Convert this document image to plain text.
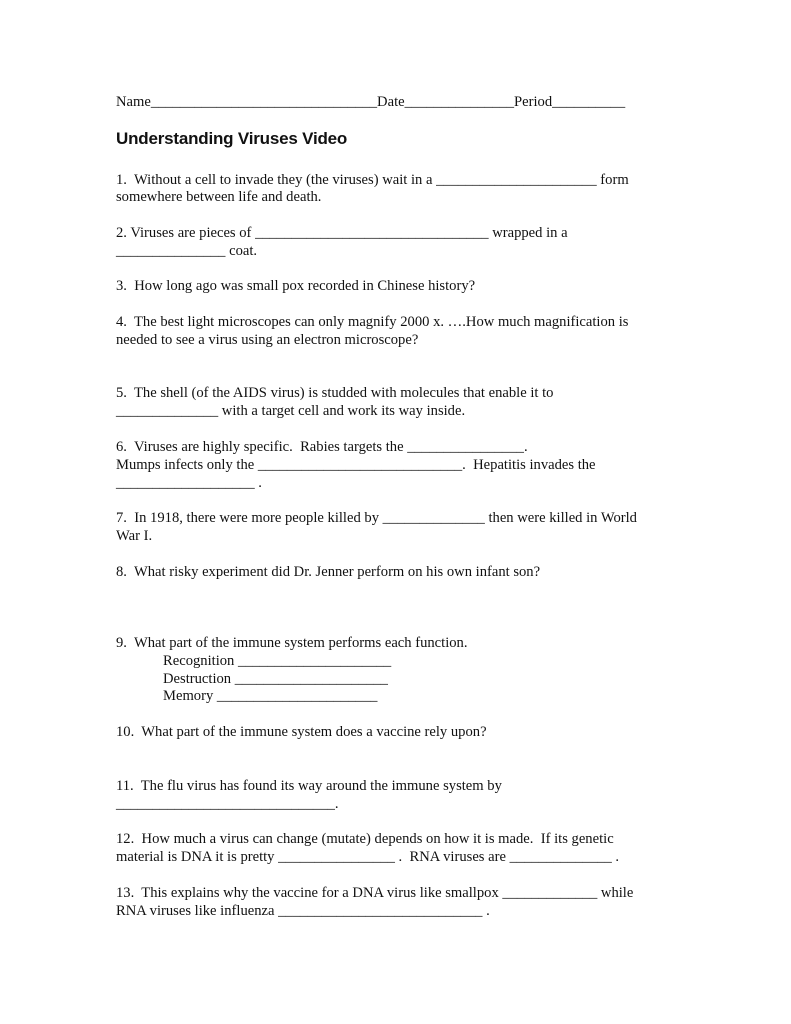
Name_______________________________Date_______________Period__________
Understanding Viruses Video
1.  Without a cell to invade they (the viruses) wait in a ______________________ form
somewhere between life and death.
2. Viruses are pieces of ________________________________ wrapped in a
_______________ coat.
3.  How long ago was small pox recorded in Chinese history?
4.  The best light microscopes can only magnify 2000 x. ….How much magnification is
needed to see a virus using an electron microscope?
5.  The shell (of the AIDS virus) is studded with molecules that enable it to
______________ with a target cell and work its way inside.
6.  Viruses are highly specific.  Rabies targets the ________________.
Mumps infects only the ____________________________.  Hepatitis invades the
___________________ .
7.  In 1918, there were more people killed by ______________ then were killed in World
War I.
8.  What risky experiment did Dr. Jenner perform on his own infant son?
9.  What part of the immune system performs each function.
Recognition _____________________
Destruction _____________________
Memory ______________________
10.  What part of the immune system does a vaccine rely upon?
11.  The flu virus has found its way around the immune system by
______________________________.
12.  How much a virus can change (mutate) depends on how it is made.  If its genetic
material is DNA it is pretty ________________ .  RNA viruses are ______________ .
13.  This explains why the vaccine for a DNA virus like smallpox _____________ while
RNA viruses like influenza ____________________________ .
